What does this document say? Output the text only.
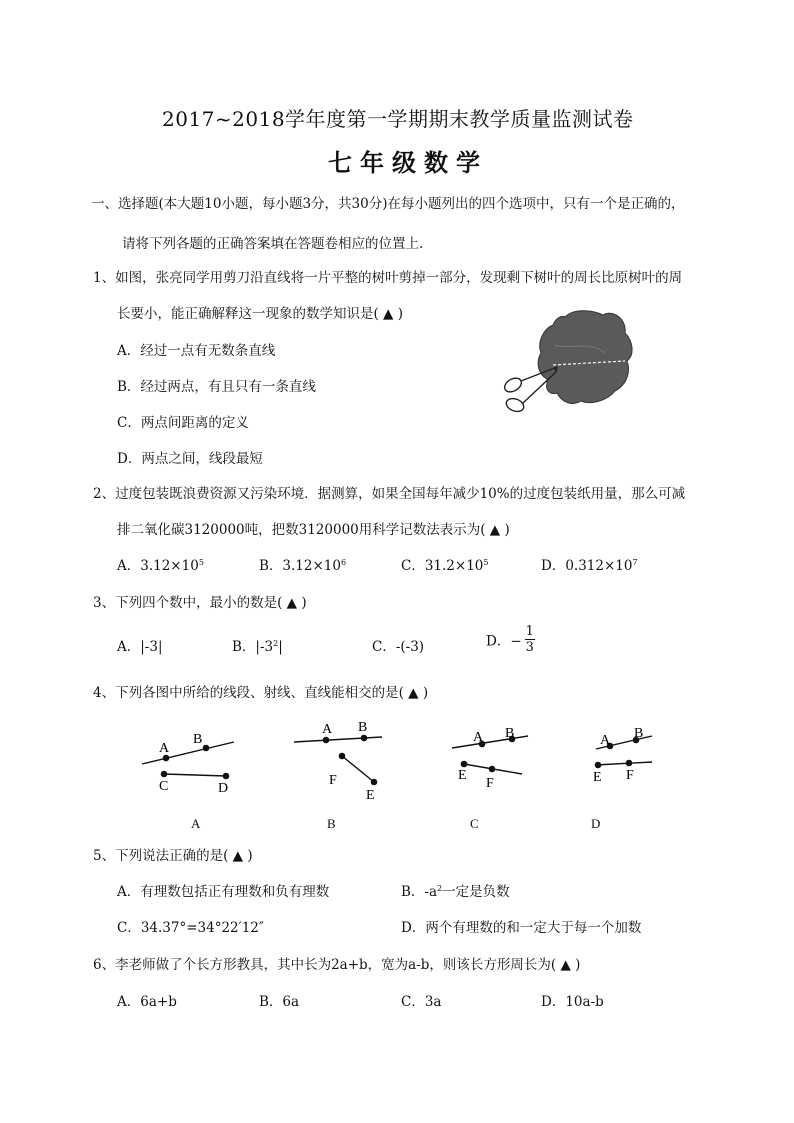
2017~2018学年度第一学期期末教学质量监测试卷
七年级数学
一、选择题(本大题10小题，每小题3分，共30分)在每小题列出的四个选项中，只有一个是正确的，
请将下列各题的正确答案填在答题卷相应的位置上.
1、如图，张亮同学用剪刀沿直线将一片平整的树叶剪掉一部分，发现剩下树叶的周长比原树叶的周
长要小，能正确解释这一现象的数学知识是( ▲ )
A．经过一点有无数条直线
B．经过两点，有且只有一条直线
C．两点间距离的定义
D．两点之间，线段最短
2、过度包装既浪费资源又污染环境．据测算，如果全国每年减少10%的过度包装纸用量，那么可减
排二氧化碳3120000吨，把数3120000用科学记数法表示为( ▲ )
A．$3.12\times 10^5$	B．$3.12\times 10^6$	C．$31.2\times 10^5$	D．$0.312\times 10^7$
3、下列四个数中，最小的数是( ▲ )
A．|-3|	B．$|-3^2|$	C．-(-3)	D．− $\frac{1}{3}$
4、下列各图中所给的线段、射线、直线能相交的是( ▲ )
A
B
C	D
A B
F
E
A B
E
F
A B
E F
A	B	C	D
5、下列说法正确的是( ▲ )
A．有理数包括正有理数和负有理数	B．$-a^2$一定是负数
C．34.37°=34°22′12″	D．两个有理数的和一定大于每一个加数
6、李老师做了个长方形教具，其中长为2a+b，宽为a-b，则该长方形周长为( ▲ )
A．6a+b	B．6a	C．3a	D．10a-b
